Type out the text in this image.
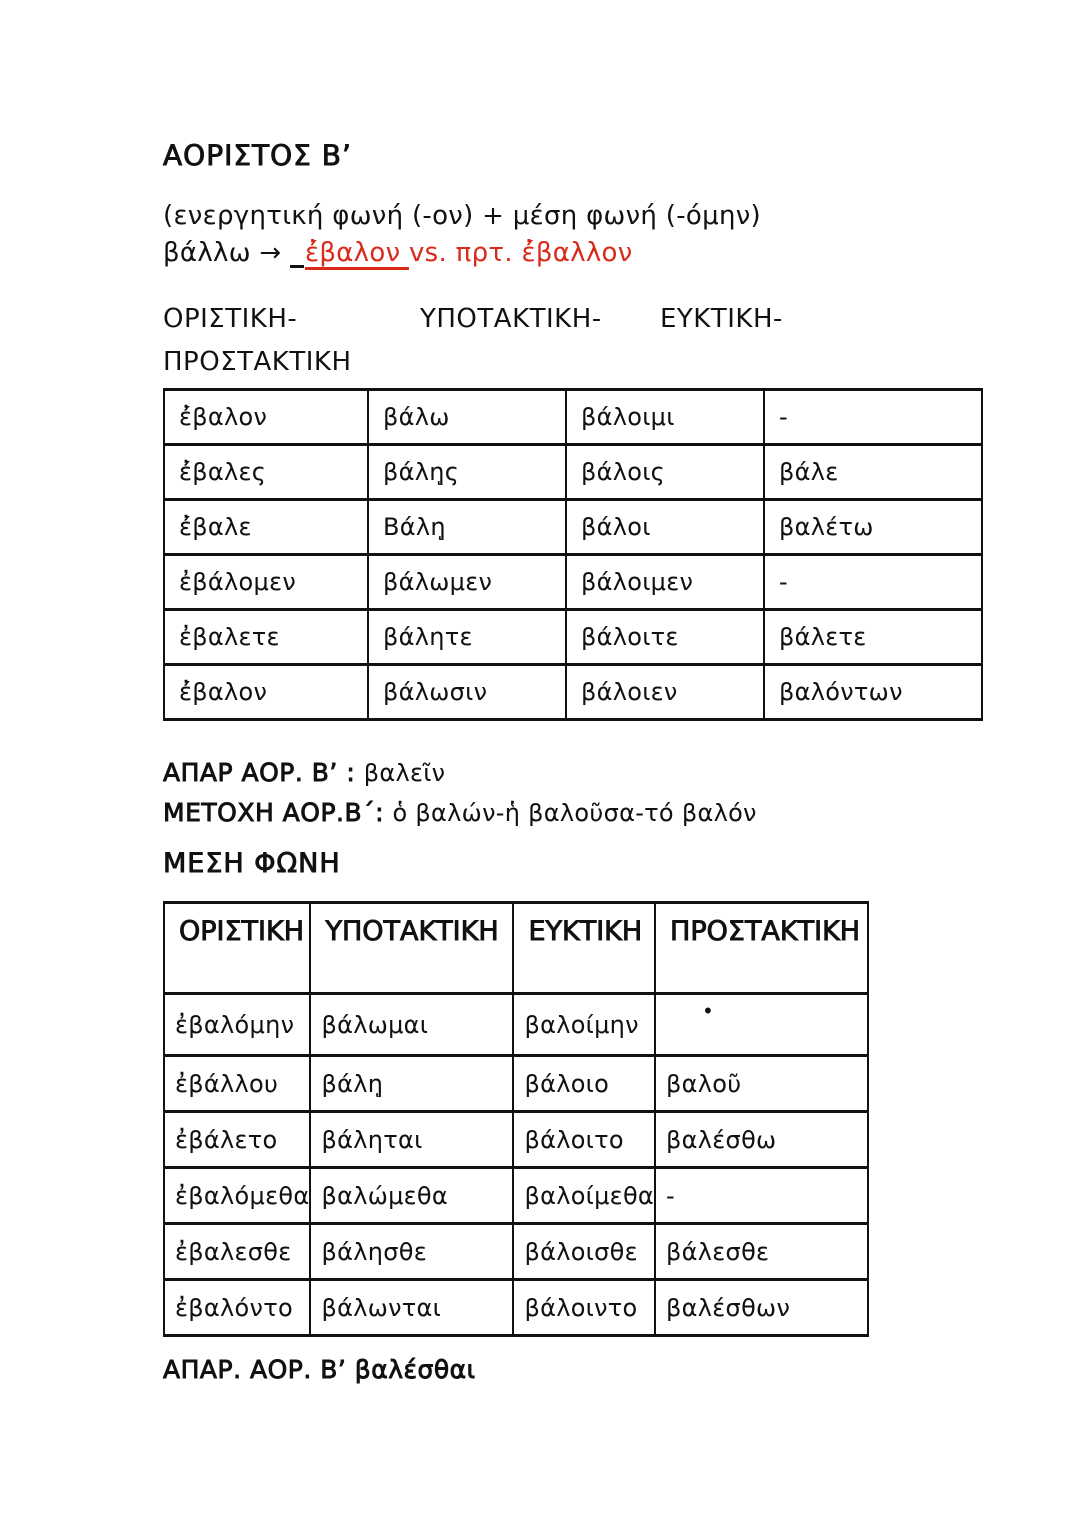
ΑΟΡΙΣΤΟΣ Β’

(ενεργητική φωνή (-ον) + μέση φωνή (-όμην)
βάλλω → ἔβαλον vs. πρτ. ἔβαλλον

ΟΡΙΣΤΙΚΗ-	ΥΠΟΤΑΚΤΙΚΗ- ΕΥΚΤΙΚΗ-
ΠΡΟΣΤΑΚΤΙΚΗ

ἔβαλον	βάλω	βάλοιμι	-
ἔβαλες	βάλῃς	βάλοις	βάλε
ἔβαλε	Βάλῃ	βάλοι	βαλέτω
ἐβάλομεν	βάλωμεν	βάλοιμεν	-
ἐβαλετε	βάλητε	βάλοιτε	βάλετε
ἔβαλον	βάλωσιν	βάλοιεν	βαλόντων

ΑΠΑΡ ΑΟΡ. Β’ : βαλεῖν

ΜΕΤΟΧΗ ΑΟΡ.Β΄: ὁ βαλών-ἡ βαλοῦσα-τό βαλόν

ΜΕΣΗ ΦΩΝΗ

ΟΡΙΣΤΙΚΗ	ΥΠΟΤΑΚΤΙΚΗ	ΕΥΚΤΙΚΗ	ΠΡΟΣΤΑΚΤΙΚΗ
ἐβαλόμην	βάλωμαι	βαλοίμην	•
ἐβάλλου	βάλῃ	βάλοιο	βαλοῦ
ἐβάλετο	βάληται	βάλοιτο	βαλέσθω
ἐβαλόμεθα	βαλώμεθα	βαλοίμεθα	-
ἐβαλεσθε	βάλησθε	βάλοισθε	βάλεσθε
ἐβαλόντο	βάλωνται	βάλοιντο	βαλέσθων

ΑΠΑΡ. ΑΟΡ. Β’ βαλέσθαι
